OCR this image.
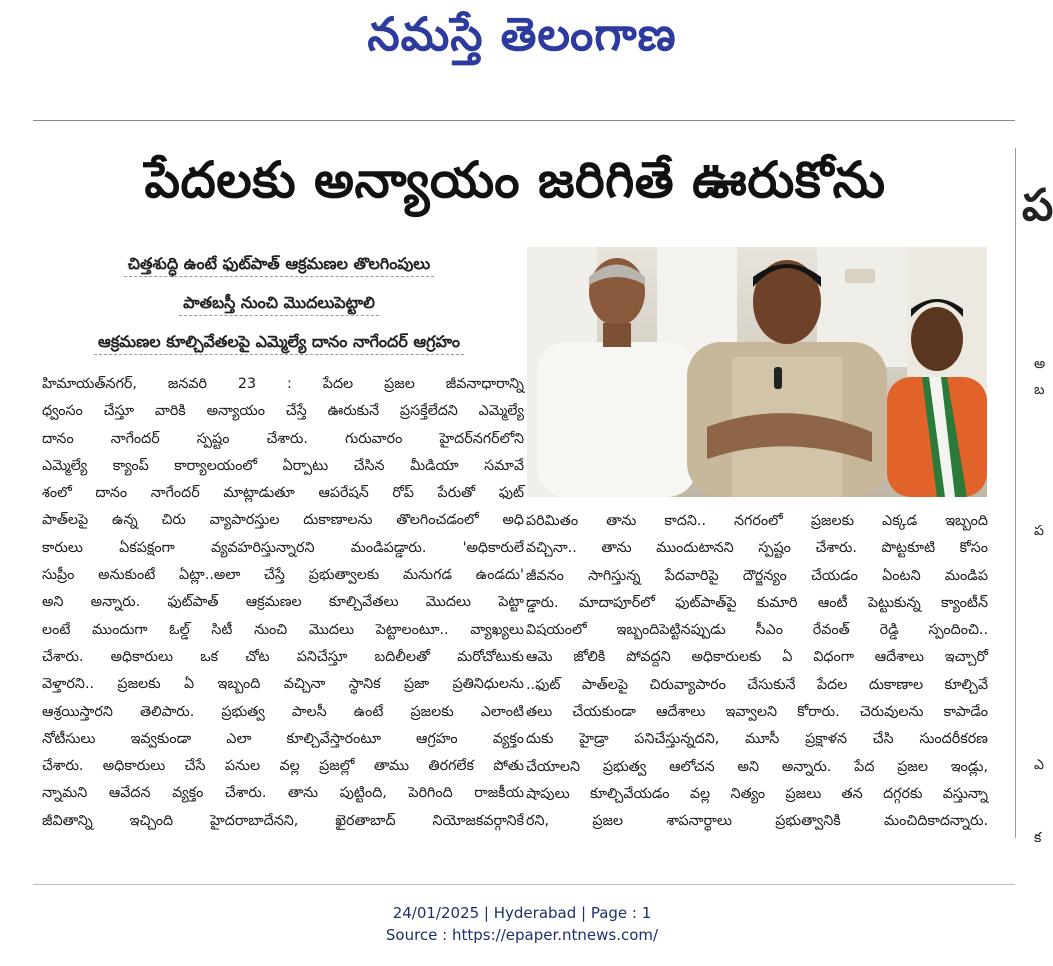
నమస్తే తెలంగాణ
ప
అ
బ
ప
ఎ
క
పేదలకు అన్యాయం జరిగితే ఊరుకోను
చిత్తశుద్ధి ఉంటే ఫుట్‌పాత్ ఆక్రమణల తొలగింపులు
పాతబస్తీ నుంచి మొదలుపెట్టాలి
ఆక్రమణల కూల్చివేతలపై ఎమ్మెల్యే దానం నాగేందర్ ఆగ్రహం
హిమాయత్‌నగర్, జనవరి 23 : పేదల ప్రజల జీవనాధారాన్ని
ధ్వంసం చేస్తూ వారికి అన్యాయం చేస్తే ఊరుకునే ప్రసక్తేలేదని ఎమ్మెల్యే
దానం నాగేందర్ స్పష్టం చేశారు. గురువారం హైదర్‌నగర్‌లోని
ఎమ్మెల్యే క్యాంప్ కార్యాలయంలో ఏర్పాటు చేసిన మీడియా సమావే
శంలో దానం నాగేందర్ మాట్లాడుతూ ఆపరేషన్ రోప్ పేరుతో ఫుట్
పాత్‌లపై ఉన్న చిరు వ్యాపారస్తుల దుకాణాలను తొలగించడంలో అధి
కారులు ఏకపక్షంగా వ్యవహరిస్తున్నారని మండిపడ్డారు. 'అధికారులే
సుప్రీం అనుకుంటే ఏట్లా..అలా చేస్తే ప్రభుత్వాలకు మనుగడ ఉండదు'
అని అన్నారు. ఫుట్‌పాత్ ఆక్రమణల కూల్చివేతలు మొదలు పెట్టా
లంటే ముందుగా ఓల్డ్ సిటీ నుంచి మొదలు పెట్టాలంటూ.. వ్యాఖ్యలు
చేశారు. అధికారులు ఒక చోట పనిచేస్తూ బదిలీలతో మరోచోటుకు
వెళ్తారని.. ప్రజలకు ఏ ఇబ్బంది వచ్చినా స్థానిక ప్రజా ప్రతినిధులను
ఆశ్రయిస్తారని తెలిపారు. ప్రభుత్వ పాలసీ ఉంటే ప్రజలకు ఎలాంటి
నోటీసులు ఇవ్వకుండా ఎలా కూల్చివేస్తారంటూ ఆగ్రహం వ్యక్తం
చేశారు. అధికారులు చేసే పనుల వల్ల ప్రజల్లో తాము తిరగలేక పోతు
న్నామని ఆవేదన వ్యక్తం చేశారు. తాను పుట్టింది, పెరిగింది రాజకీయ
జీవితాన్ని ఇచ్చింది హైదరాబాదేనని, ఖైరతాబాద్ నియోజకవర్గానికే
పరిమితం తాను కాదని.. నగరంలో ప్రజలకు ఎక్కడ ఇబ్బంది
వచ్చినా.. తాను ముందుటానని స్పష్టం చేశారు. పొట్టకూటి కోసం
జీవనం సాగిస్తున్న పేదవారిపై దౌర్జన్యం చేయడం ఏంటని మండిప
డ్డారు. మాదాపూర్‌లో ఫుట్‌పాత్‌పై కుమారి ఆంటీ పెట్టుకున్న క్యాంటీన్
విషయంలో ఇబ్బందిపెట్టినప్పుడు సీఎం రేవంత్ రెడ్డి స్పందించి..
ఆమె జోలికి పోవద్దని అధికారులకు ఏ విధంగా ఆదేశాలు ఇచ్చారో
..ఫుట్ పాత్‌లపై చిరువ్యాపారం చేసుకునే పేదల దుకాణాల కూల్చివే
తలు చేయకుండా ఆదేశాలు ఇవ్వాలని కోరారు. చెరువులను కాపాడేం
దుకు హైడ్రా పనిచేస్తున్నదని, మూసీ ప్రక్షాళన చేసి సుందరీకరణ
చేయాలని ప్రభుత్వ ఆలోచన అని అన్నారు. పేద ప్రజల ఇండ్లు,
షాపులు కూల్చివేయడం వల్ల నిత్యం ప్రజలు తన దగ్గరకు వస్తున్నా
రని, ప్రజల శాపనార్థాలు ప్రభుత్వానికి మంచిదికాదన్నారు.
24/01/2025 | Hyderabad | Page : 1
Source : https://epaper.ntnews.com/
